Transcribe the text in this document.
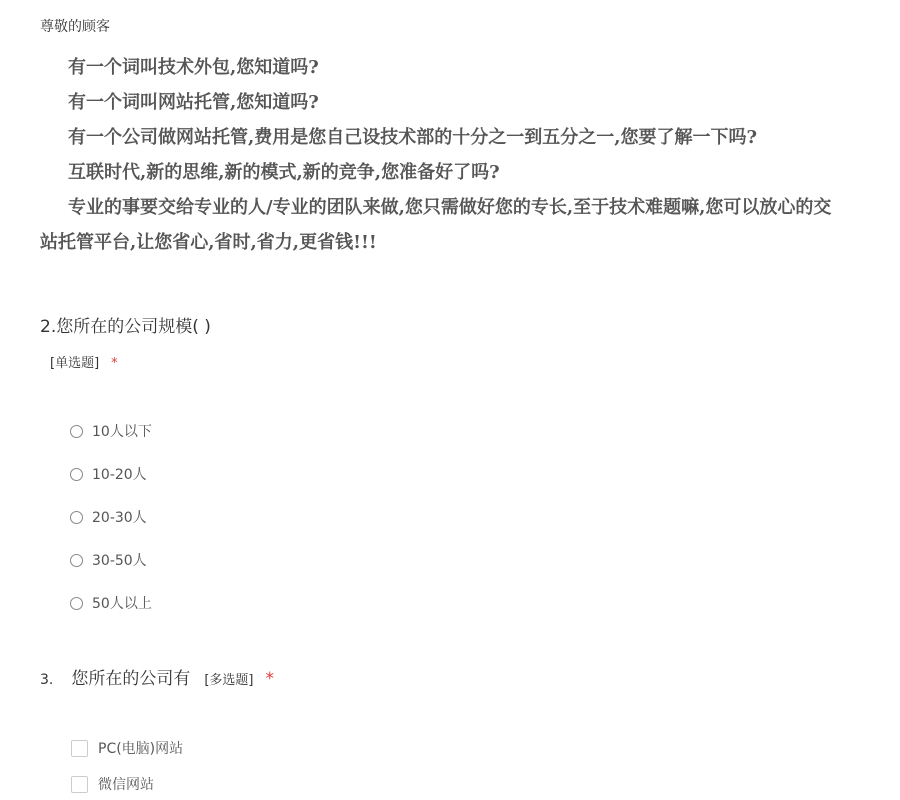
尊敬的顾客

有一个词叫技术外包,您知道吗?

有一个词叫网站托管,您知道吗?

有一个公司做网站托管,费用是您自己设技术部的十分之一到五分之一,您要了解一下吗?

互联时代,新的思维,新的模式,新的竞争,您准备好了吗?

专业的事要交给专业的人/专业的团队来做,您只需做好您的专长,至于技术难题嘛,您可以放心的交

站托管平台,让您省心,省时,省力,更省钱!!!

2.您所在的公司规模( )
[单选题] *
10人以下
10-20人
20-30人
30-50人
50人以上
3. 您所在的公司有 [多选题] *
PC(电脑)网站
微信网站
